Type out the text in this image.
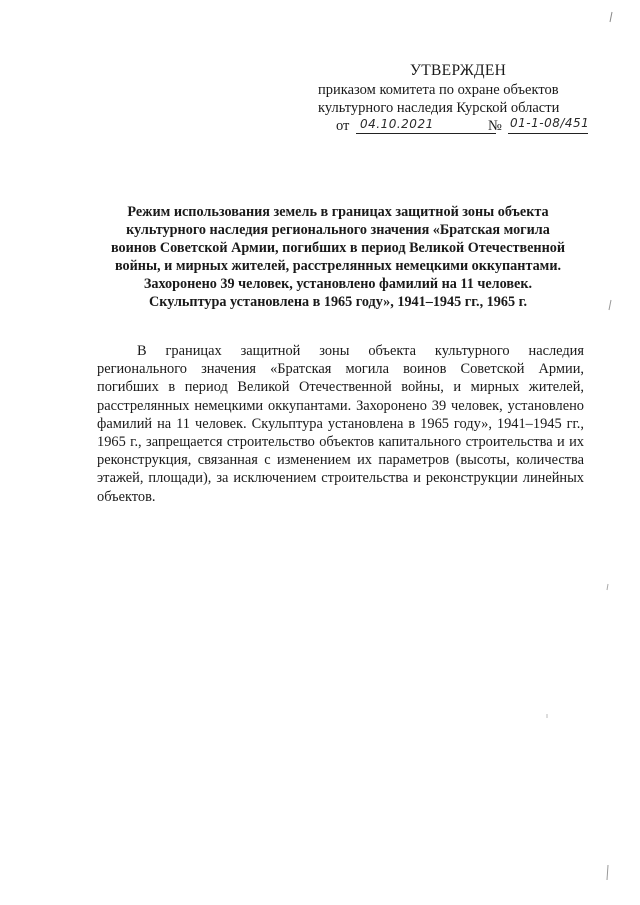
УТВЕРЖДЕН
приказом комитета по охране объектов
культурного наследия Курской области
от 04.10.2021	№ 01-1-08/451
Режим использования земель в границах защитной зоны объекта
культурного наследия регионального значения «Братская могила
воинов Советской Армии, погибших в период Великой Отечественной
войны, и мирных жителей, расстрелянных немецкими оккупантами.
Захоронено 39 человек, установлено фамилий на 11 человек.
Скульптура установлена в 1965 году», 1941–1945 гг., 1965 г.

В границах защитной зоны объекта культурного наследия регионального значения «Братская могила воинов Советской Армии, погибших в период Великой Отечественной войны, и мирных жителей, расстрелянных немецкими оккупантами. Захоронено 39 человек, установлено фамилий на 11 человек. Скульптура установлена в 1965 году», 1941–1945 гг., 1965 г., запрещается строительство объектов капитального строительства и их реконструкция, связанная с изменением их параметров (высоты, количества этажей, площади), за исключением строительства и реконструкции линейных объектов.
